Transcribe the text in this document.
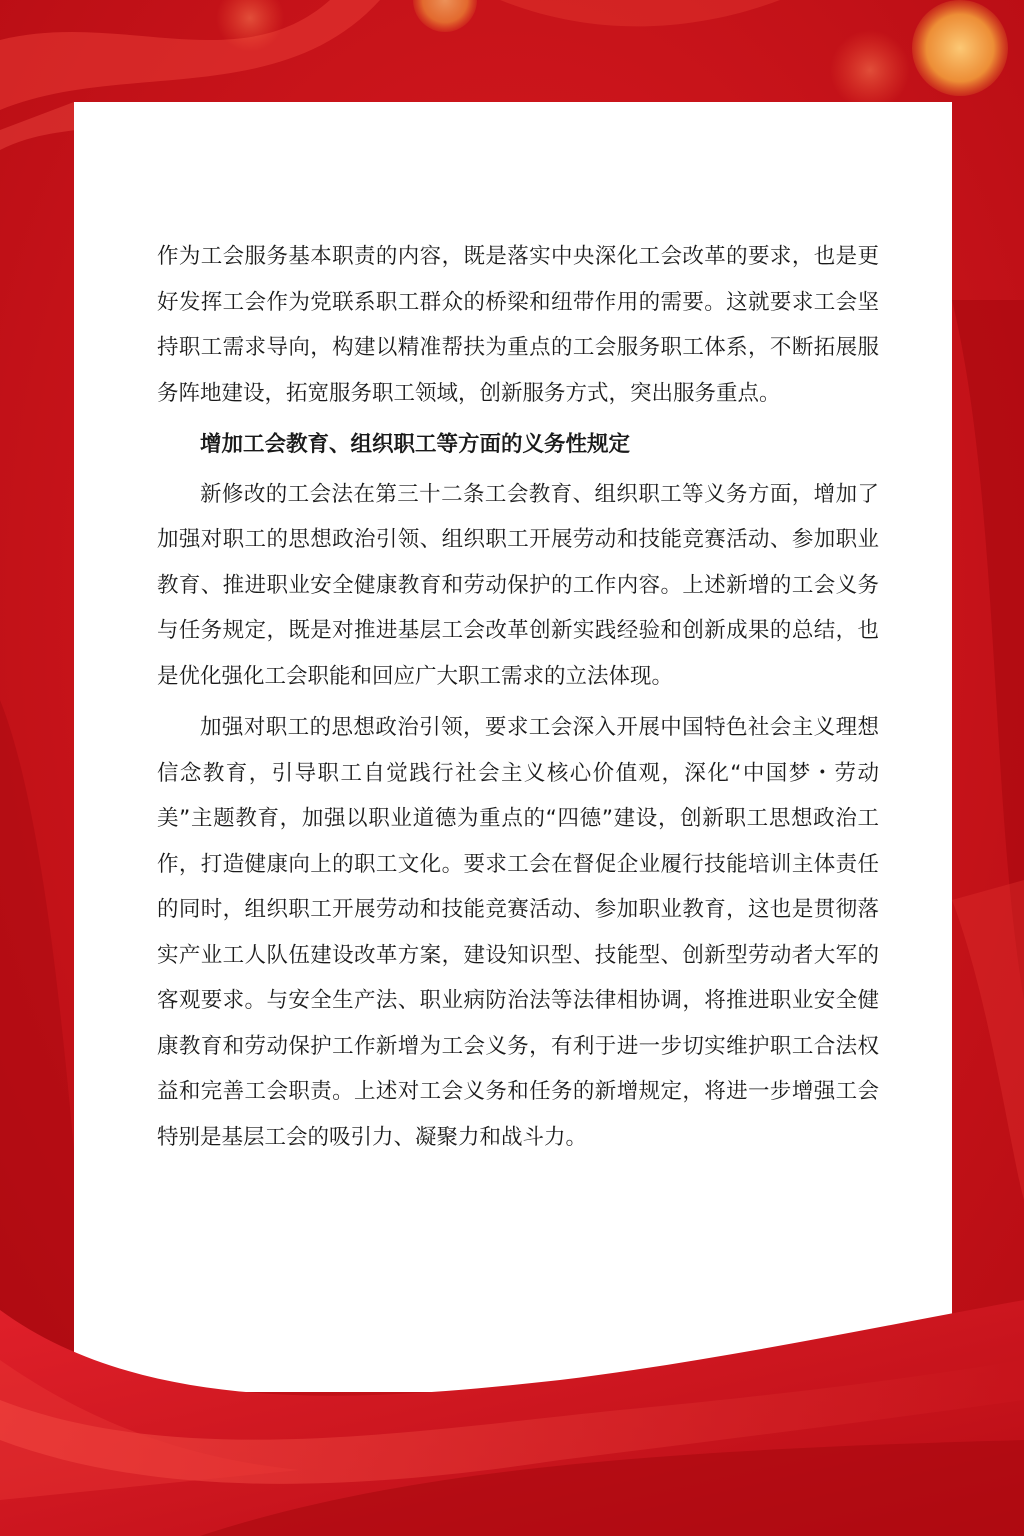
作为工会服务基本职责的内容，既是落实中央深化工会改革的要求，也是更好发挥工会作为党联系职工群众的桥梁和纽带作用的需要。这就要求工会坚持职工需求导向，构建以精准帮扶为重点的工会服务职工体系，不断拓展服务阵地建设，拓宽服务职工领域，创新服务方式，突出服务重点。

增加工会教育、组织职工等方面的义务性规定

新修改的工会法在第三十二条工会教育、组织职工等义务方面，增加了加强对职工的思想政治引领、组织职工开展劳动和技能竞赛活动、参加职业教育、推进职业安全健康教育和劳动保护的工作内容。上述新增的工会义务与任务规定，既是对推进基层工会改革创新实践经验和创新成果的总结，也是优化强化工会职能和回应广大职工需求的立法体现。

加强对职工的思想政治引领，要求工会深入开展中国特色社会主义理想信念教育，引导职工自觉践行社会主义核心价值观，深化“中国梦・劳动美”主题教育，加强以职业道德为重点的“四德”建设，创新职工思想政治工作，打造健康向上的职工文化。要求工会在督促企业履行技能培训主体责任的同时，组织职工开展劳动和技能竞赛活动、参加职业教育，这也是贯彻落实产业工人队伍建设改革方案，建设知识型、技能型、创新型劳动者大军的客观要求。与安全生产法、职业病防治法等法律相协调，将推进职业安全健康教育和劳动保护工作新增为工会义务，有利于进一步切实维护职工合法权益和完善工会职责。上述对工会义务和任务的新增规定，将进一步增强工会特别是基层工会的吸引力、凝聚力和战斗力。
